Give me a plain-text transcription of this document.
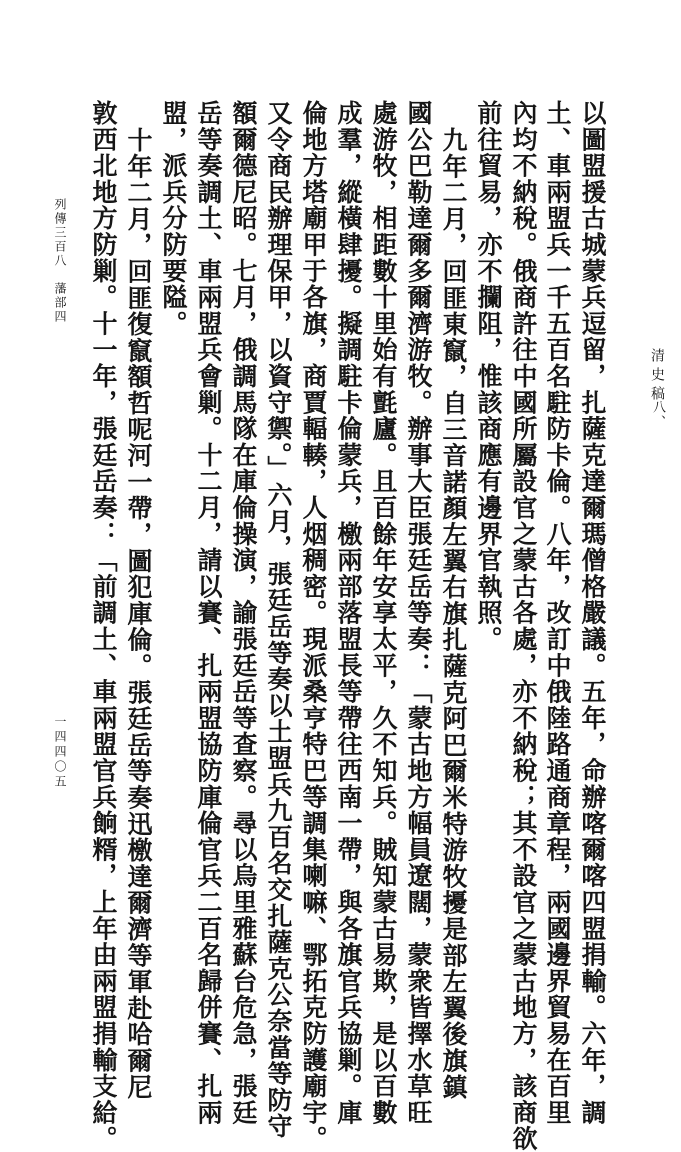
清史稿
八、
以圖盟援古城蒙兵逗留，扎薩克達爾瑪僧格嚴議。五年，命辦喀爾喀四盟捐輸。六年，調
土、車兩盟兵一千五百名駐防卡倫。八年，改訂中俄陸路通商章程，兩國邊界貿易在百里
內均不納稅。俄商許往中國所屬設官之蒙古各處，亦不納稅；其不設官之蒙古地方，該商欲
前往貿易，亦不攔阻，惟該商應有邊界官執照。
九年二月，回匪東竄，自三音諾顏左翼右旗扎薩克阿巴爾米特游牧擾是部左翼後旗鎮
國公巴勒達爾多爾濟游牧。辦事大臣張廷岳等奏：「蒙古地方幅員遼闊，蒙衆皆擇水草旺
處游牧，相距數十里始有氈廬。且百餘年安享太平，久不知兵。賊知蒙古易欺，是以百數
成羣，縱橫肆擾。擬調駐卡倫蒙兵，檄兩部落盟長等帶往西南一帶，與各旗官兵協剿。庫
倫地方塔廟甲于各旗，商賈輻輳，人烟稠密。現派桑亨特巴等調集喇嘛、鄂拓克防護廟宇。
又令商民辦理保甲，以資守禦。」六月，張廷岳等奏以土盟兵九百名交扎薩克公奈當等防守
額爾德尼昭。七月，俄調馬隊在庫倫操演，諭張廷岳等查察。尋以烏里雅蘇台危急，張廷
岳等奏調土、車兩盟兵會剿。十二月，請以賽、扎兩盟協防庫倫官兵二百名歸併賽、扎兩
盟，派兵分防要隘。
十年二月，回匪復竄額哲呢河一帶，圖犯庫倫。張廷岳等奏迅檄達爾濟等軍赴哈爾尼
敦西北地方防剿。十一年，張廷岳奏：「前調土、車兩盟官兵餉糈，上年由兩盟捐輸支給。
列傳三百八　藩部四
一四四〇五
